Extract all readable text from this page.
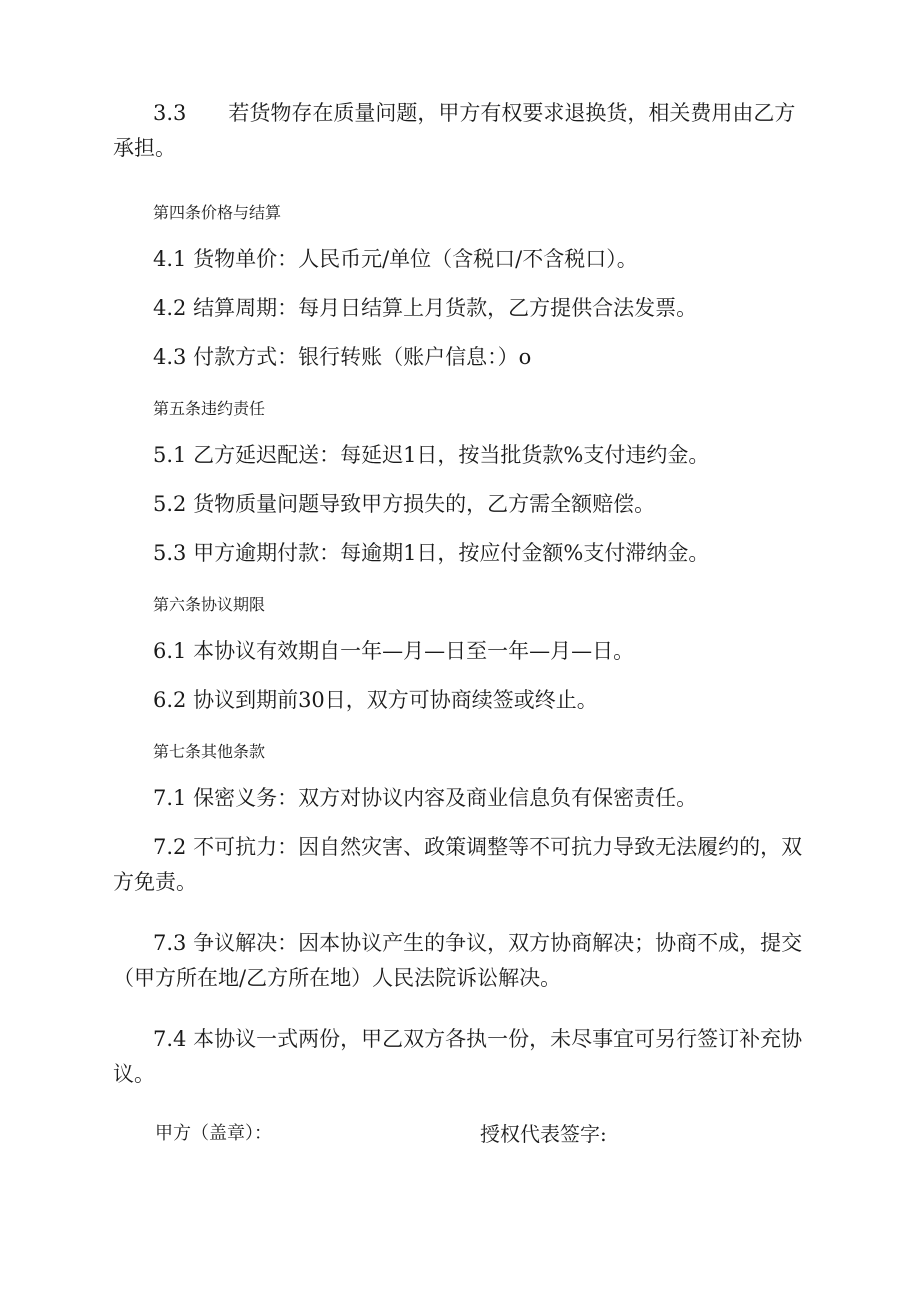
3.3 若货物存在质量问题，甲方有权要求退换货，相关费用由乙方承担。

第四条价格与结算

4.1 货物单价：人民币元/单位（含税口/不含税口）。

4.2 结算周期：每月日结算上月货款，乙方提供合法发票。

4.3 付款方式：银行转账（账户信息：）o

第五条违约责任

5.1 乙方延迟配送：每延迟1日，按当批货款%支付违约金。

5.2 货物质量问题导致甲方损失的，乙方需全额赔偿。

5.3 甲方逾期付款：每逾期1日，按应付金额%支付滞纳金。

第六条协议期限

6.1 本协议有效期自一年—月—日至一年—月—日。

6.2 协议到期前30日，双方可协商续签或终止。

第七条其他条款

7.1 保密义务：双方对协议内容及商业信息负有保密责任。

7.2 不可抗力：因自然灾害、政策调整等不可抗力导致无法履约的，双方免责。

7.3 争议解决：因本协议产生的争议，双方协商解决；协商不成，提交（甲方所在地/乙方所在地）人民法院诉讼解决。

7.4 本协议一式两份，甲乙双方各执一份，未尽事宜可另行签订补充协议。

甲方（盖章）：	授权代表签字:
